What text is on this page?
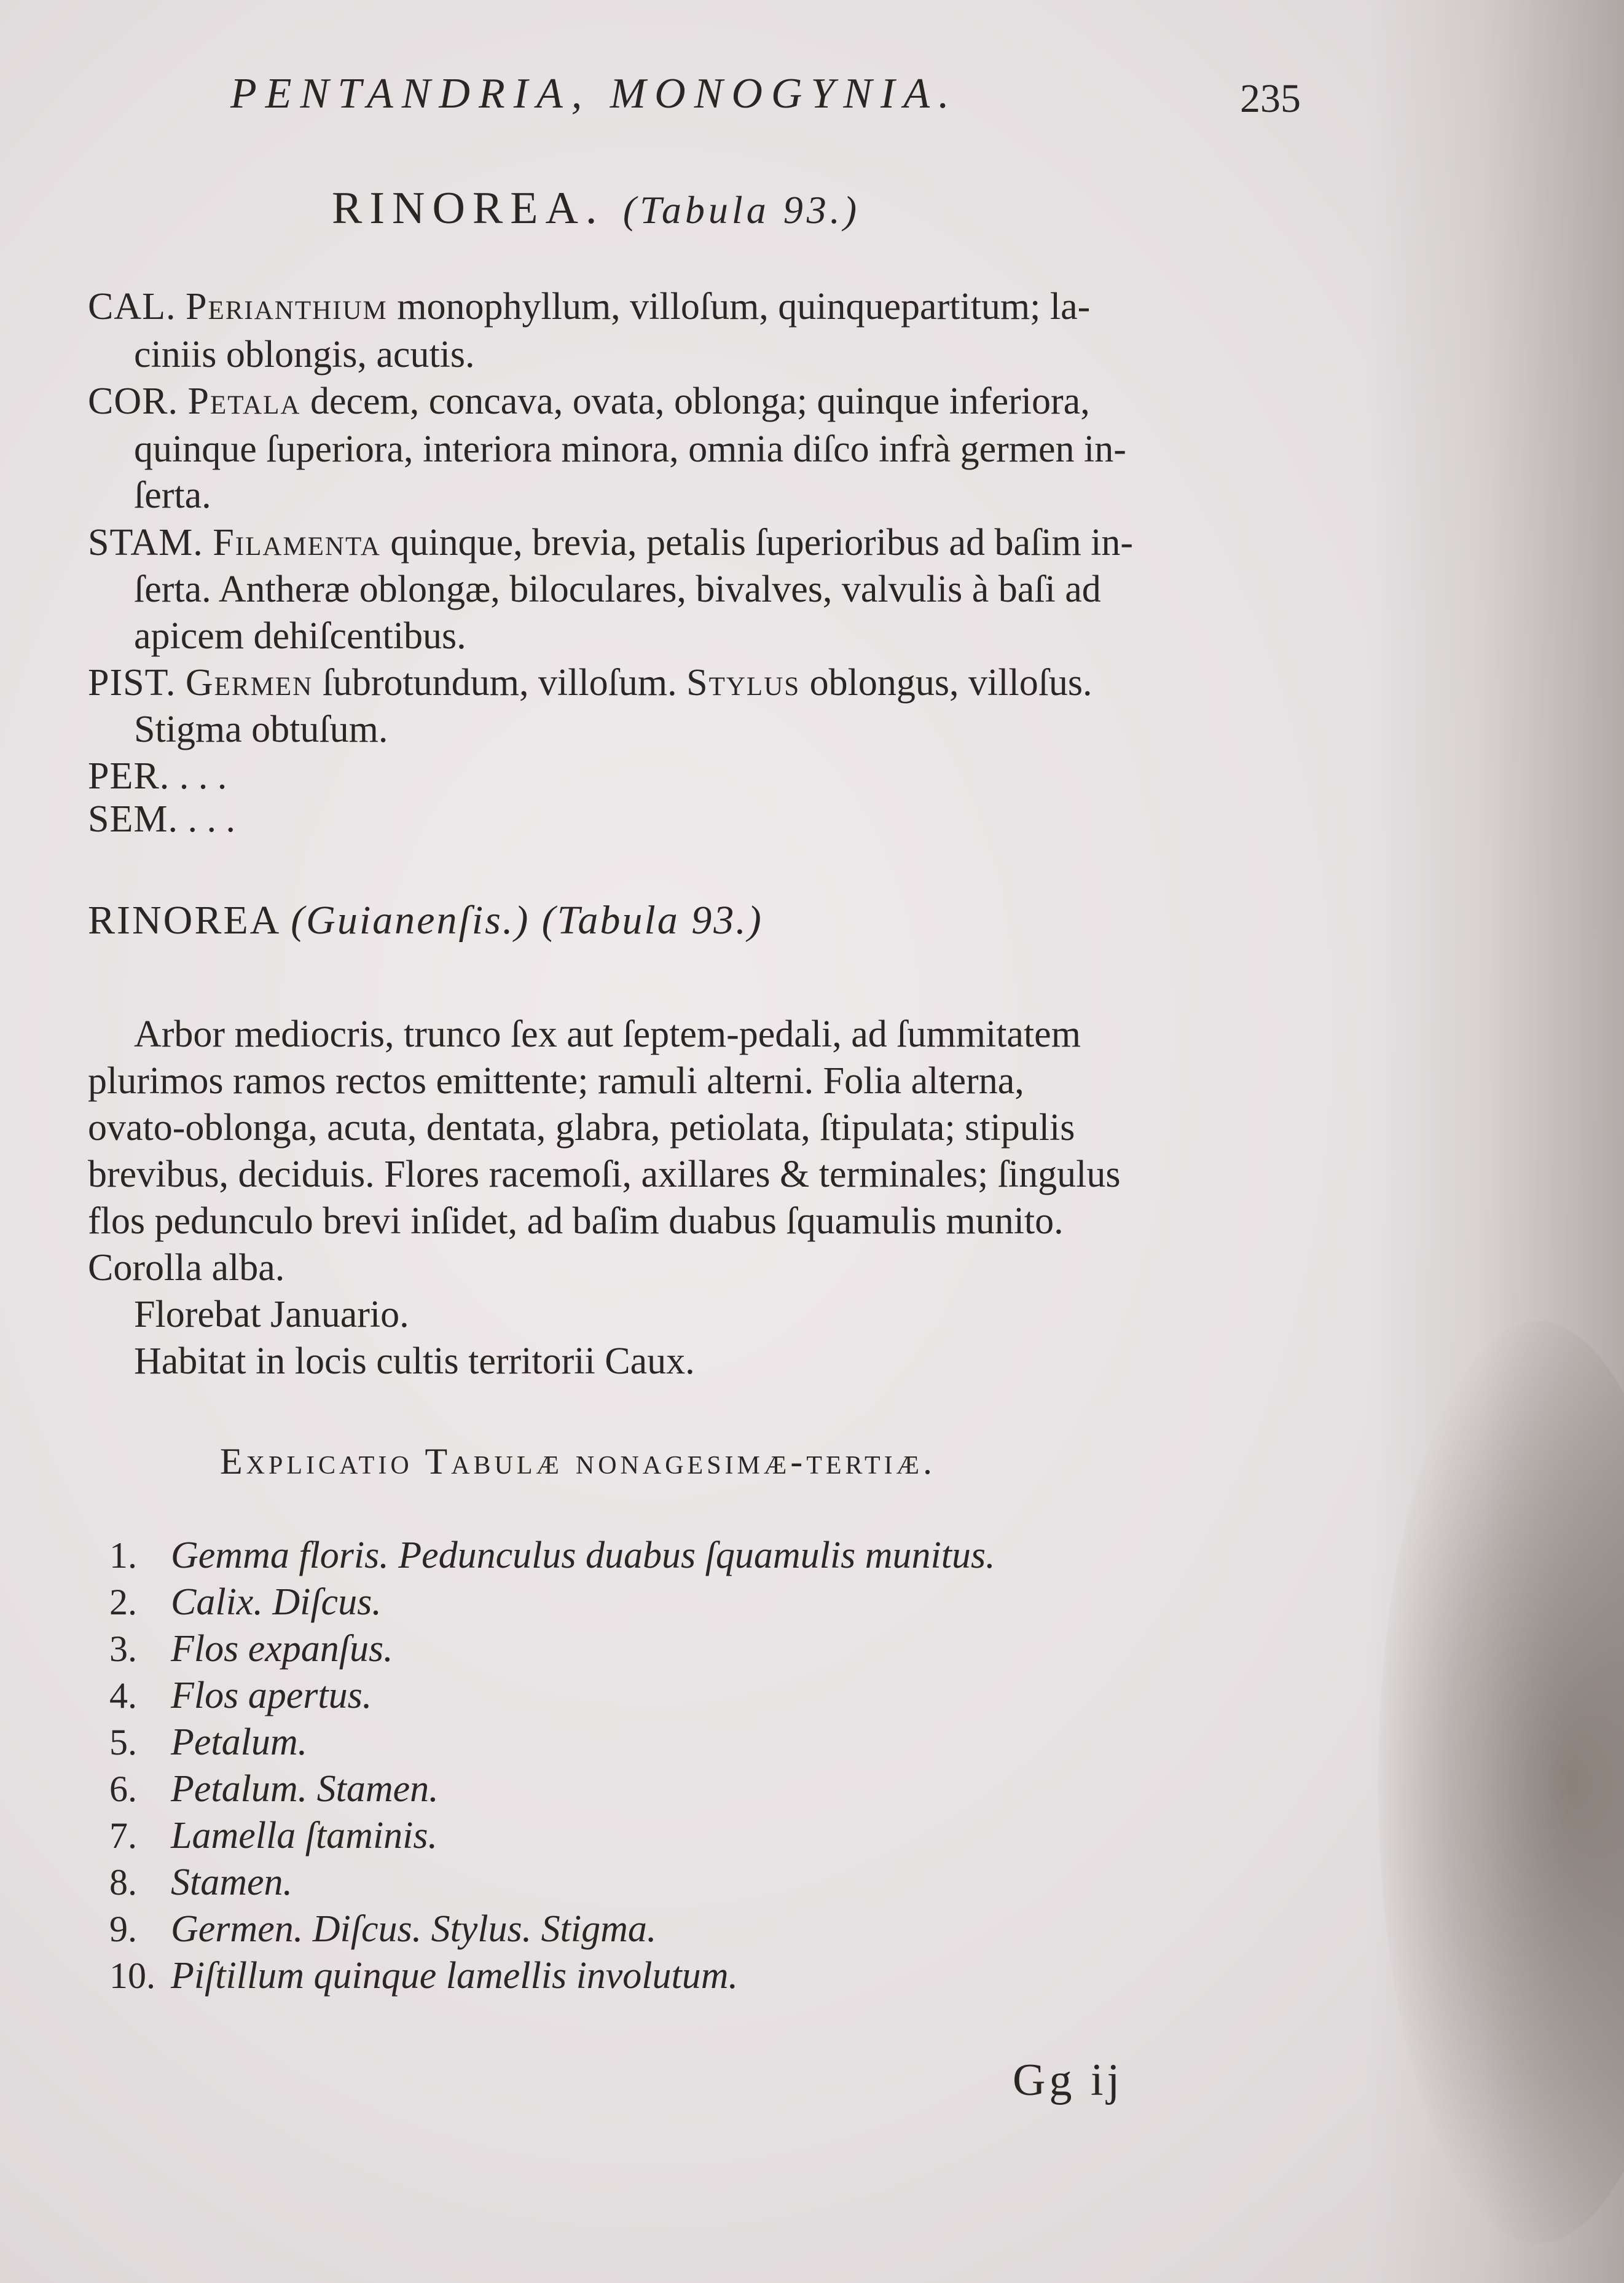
PENTANDRIA, MONOGYNIA.	235
RINOREA. (Tabula 93.)
CAL. Perianthium monophyllum, villoſum, quinquepartitum; la-
ciniis oblongis, acutis.
COR. Petala decem, concava, ovata, oblonga; quinque inferiora,
quinque ſuperiora, interiora minora, omnia diſco infrà germen in-
ſerta.
STAM. Filamenta quinque, brevia, petalis ſuperioribus ad baſim in-
ſerta. Antheræ oblongæ, biloculares, bivalves, valvulis à baſi ad
apicem dehiſcentibus.
PIST. Germen ſubrotundum, villoſum. Stylus oblongus, villoſus.
Stigma obtuſum.
PER. . . .
SEM. . . .
RINOREA (Guianenſis.) (Tabula 93.)
Arbor mediocris, trunco ſex aut ſeptem-pedali, ad ſummitatem
plurimos ramos rectos emittente; ramuli alterni. Folia alterna,
ovato-oblonga, acuta, dentata, glabra, petiolata, ſtipulata; stipulis
brevibus, deciduis. Flores racemoſi, axillares & terminales; ſingulus
flos pedunculo brevi inſidet, ad baſim duabus ſquamulis munito.
Corolla alba.
Florebat Januario.
Habitat in locis cultis territorii Caux.
Explicatio Tabulæ nonagesimæ-tertiæ.
1. Gemma floris. Pedunculus duabus ſquamulis munitus.
2. Calix. Diſcus.
3. Flos expanſus.
4. Flos apertus.
5. Petalum.
6. Petalum. Stamen.
7. Lamella ſtaminis.
8. Stamen.
9. Germen. Diſcus. Stylus. Stigma.
10. Piſtillum quinque lamellis involutum.
Gg ij
